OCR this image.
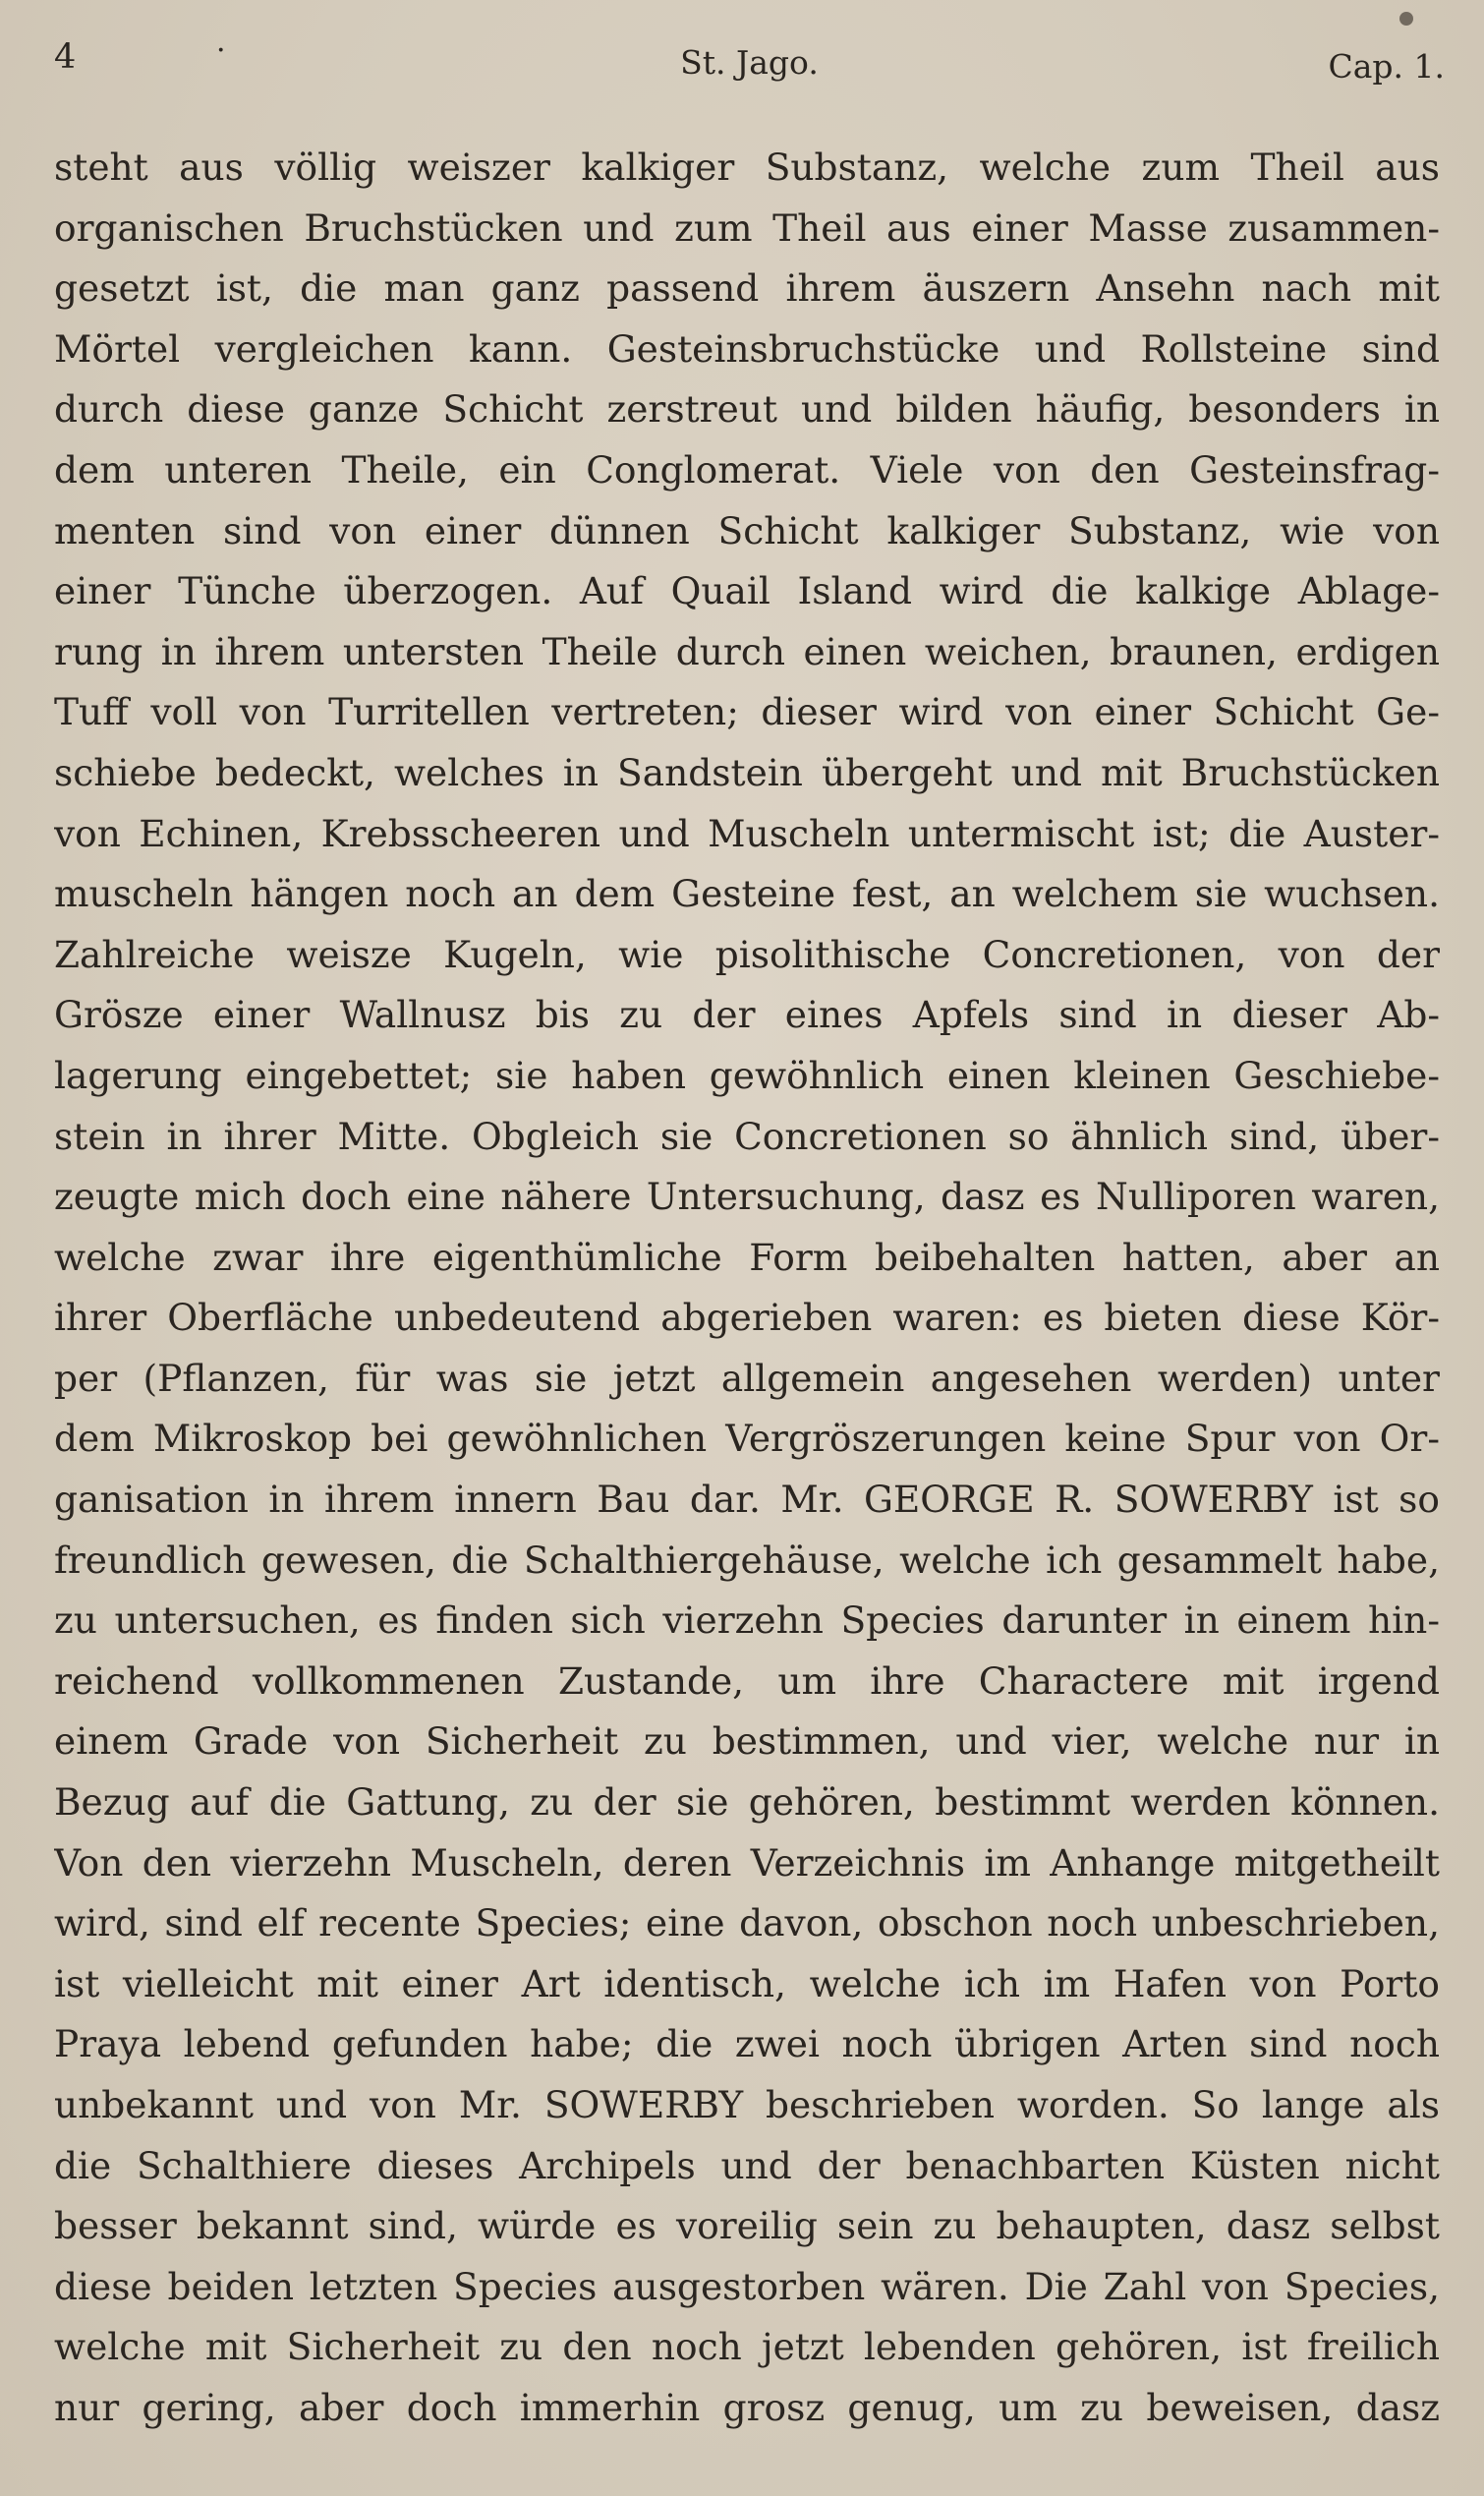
4	·	St. Jago.	Cap. 1.
steht aus völlig weiszer kalkiger Substanz, welche zum Theil aus
organischen Bruchstücken und zum Theil aus einer Masse zusammen-
gesetzt ist, die man ganz passend ihrem äuszern Ansehn nach mit
Mörtel vergleichen kann. Gesteinsbruchstücke und Rollsteine sind
durch diese ganze Schicht zerstreut und bilden häufig, besonders in
dem unteren Theile, ein Conglomerat. Viele von den Gesteinsfrag-
menten sind von einer dünnen Schicht kalkiger Substanz, wie von
einer Tünche überzogen. Auf Quail Island wird die kalkige Ablage-
rung in ihrem untersten Theile durch einen weichen, braunen, erdigen
Tuff voll von Turritellen vertreten; dieser wird von einer Schicht Ge-
schiebe bedeckt, welches in Sandstein übergeht und mit Bruchstücken
von Echinen, Krebsscheeren und Muscheln untermischt ist; die Auster-
muscheln hängen noch an dem Gesteine fest, an welchem sie wuchsen.
Zahlreiche weisze Kugeln, wie pisolithische Concretionen, von der
Grösze einer Wallnusz bis zu der eines Apfels sind in dieser Ab-
lagerung eingebettet; sie haben gewöhnlich einen kleinen Geschiebe-
stein in ihrer Mitte. Obgleich sie Concretionen so ähnlich sind, über-
zeugte mich doch eine nähere Untersuchung, dasz es Nulliporen waren,
welche zwar ihre eigenthümliche Form beibehalten hatten, aber an
ihrer Oberfläche unbedeutend abgerieben waren: es bieten diese Kör-
per (Pflanzen, für was sie jetzt allgemein angesehen werden) unter
dem Mikroskop bei gewöhnlichen Vergröszerungen keine Spur von Or-
ganisation in ihrem innern Bau dar. Mr. GEORGE R. SOWERBY ist so
freundlich gewesen, die Schalthiergehäuse, welche ich gesammelt habe,
zu untersuchen, es finden sich vierzehn Species darunter in einem hin-
reichend vollkommenen Zustande, um ihre Charactere mit irgend
einem Grade von Sicherheit zu bestimmen, und vier, welche nur in
Bezug auf die Gattung, zu der sie gehören, bestimmt werden können.
Von den vierzehn Muscheln, deren Verzeichnis im Anhange mitgetheilt
wird, sind elf recente Species; eine davon, obschon noch unbeschrieben,
ist vielleicht mit einer Art identisch, welche ich im Hafen von Porto
Praya lebend gefunden habe; die zwei noch übrigen Arten sind noch
unbekannt und von Mr. SOWERBY beschrieben worden. So lange als
die Schalthiere dieses Archipels und der benachbarten Küsten nicht
besser bekannt sind, würde es voreilig sein zu behaupten, dasz selbst
diese beiden letzten Species ausgestorben wären. Die Zahl von Species,
welche mit Sicherheit zu den noch jetzt lebenden gehören, ist freilich
nur gering, aber doch immerhin grosz genug, um zu beweisen, dasz
